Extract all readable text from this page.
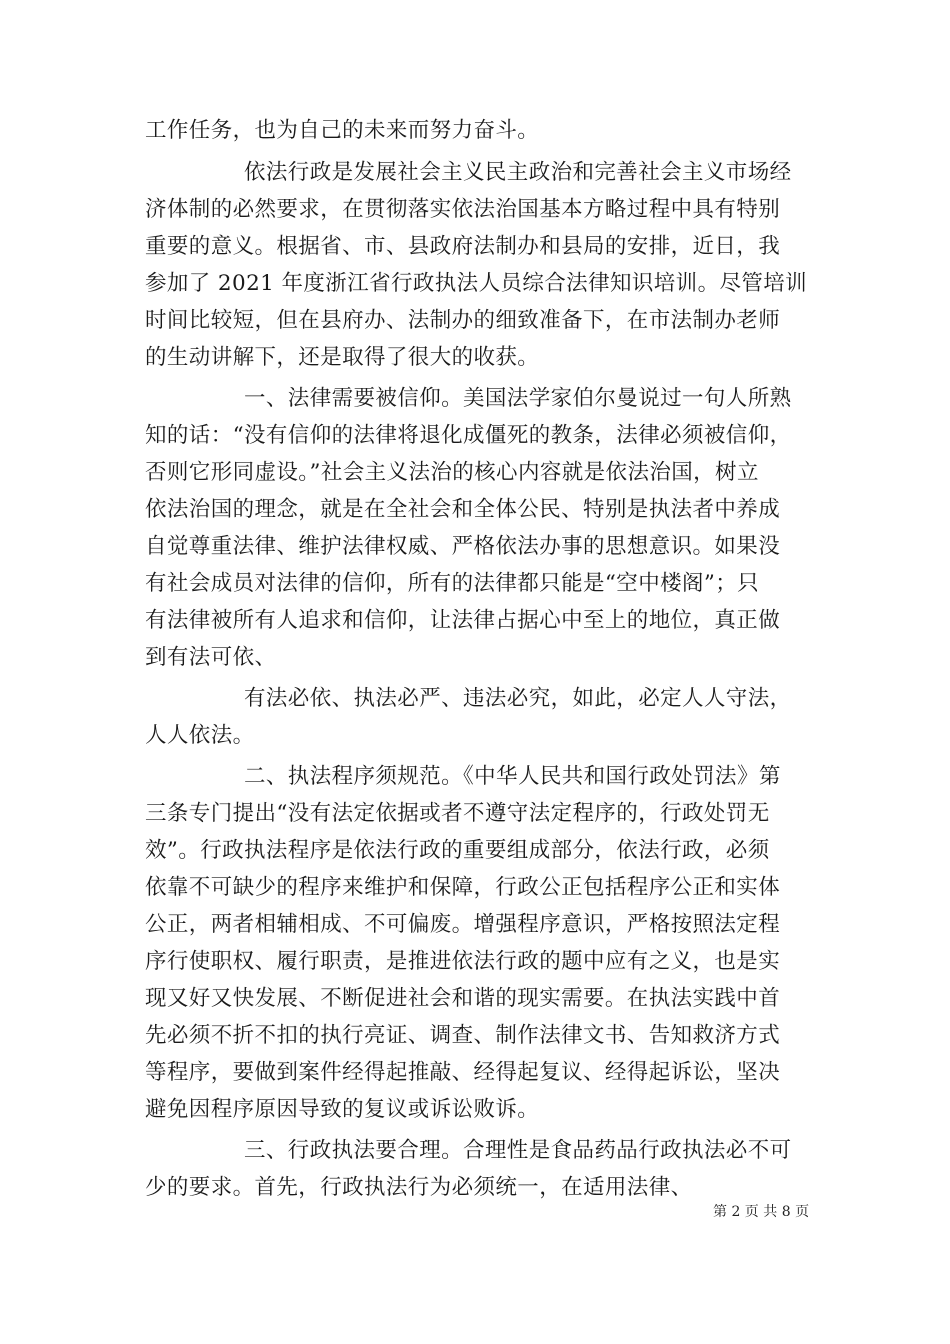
工作任务，也为自己的未来而努力奋斗。
依法行政是发展社会主义民主政治和完善社会主义市场经
济体制的必然要求，在贯彻落实依法治国基本方略过程中具有特别
重要的意义。根据省、市、县政府法制办和县局的安排，近日，我
参加了 2021 年度浙江省行政执法人员综合法律知识培训。尽管培训
时间比较短，但在县府办、法制办的细致准备下，在市法制办老师
的生动讲解下，还是取得了很大的收获。
一、法律需要被信仰。美国法学家伯尔曼说过一句人所熟
知的话：“没有信仰的法律将退化成僵死的教条，法律必须被信仰，
否则它形同虚设。”社会主义法治的核心内容就是依法治国，树立
依法治国的理念，就是在全社会和全体公民、特别是执法者中养成
自觉尊重法律、维护法律权威、严格依法办事的思想意识。如果没
有社会成员对法律的信仰，所有的法律都只能是“空中楼阁”；只
有法律被所有人追求和信仰，让法律占据心中至上的地位，真正做
到有法可依、
有法必依、执法必严、违法必究，如此，必定人人守法，
人人依法。
二、执法程序须规范。《中华人民共和国行政处罚法》第
三条专门提出“没有法定依据或者不遵守法定程序的，行政处罚无
效”。行政执法程序是依法行政的重要组成部分，依法行政，必须
依靠不可缺少的程序来维护和保障，行政公正包括程序公正和实体
公正，两者相辅相成、不可偏废。增强程序意识，严格按照法定程
序行使职权、履行职责，是推进依法行政的题中应有之义，也是实
现又好又快发展、不断促进社会和谐的现实需要。在执法实践中首
先必须不折不扣的执行亮证、调查、制作法律文书、告知救济方式
等程序，要做到案件经得起推敲、经得起复议、经得起诉讼，坚决
避免因程序原因导致的复议或诉讼败诉。
三、行政执法要合理。合理性是食品药品行政执法必不可
少的要求。首先，行政执法行为必须统一，在适用法律、
第 2 页 共 8 页
